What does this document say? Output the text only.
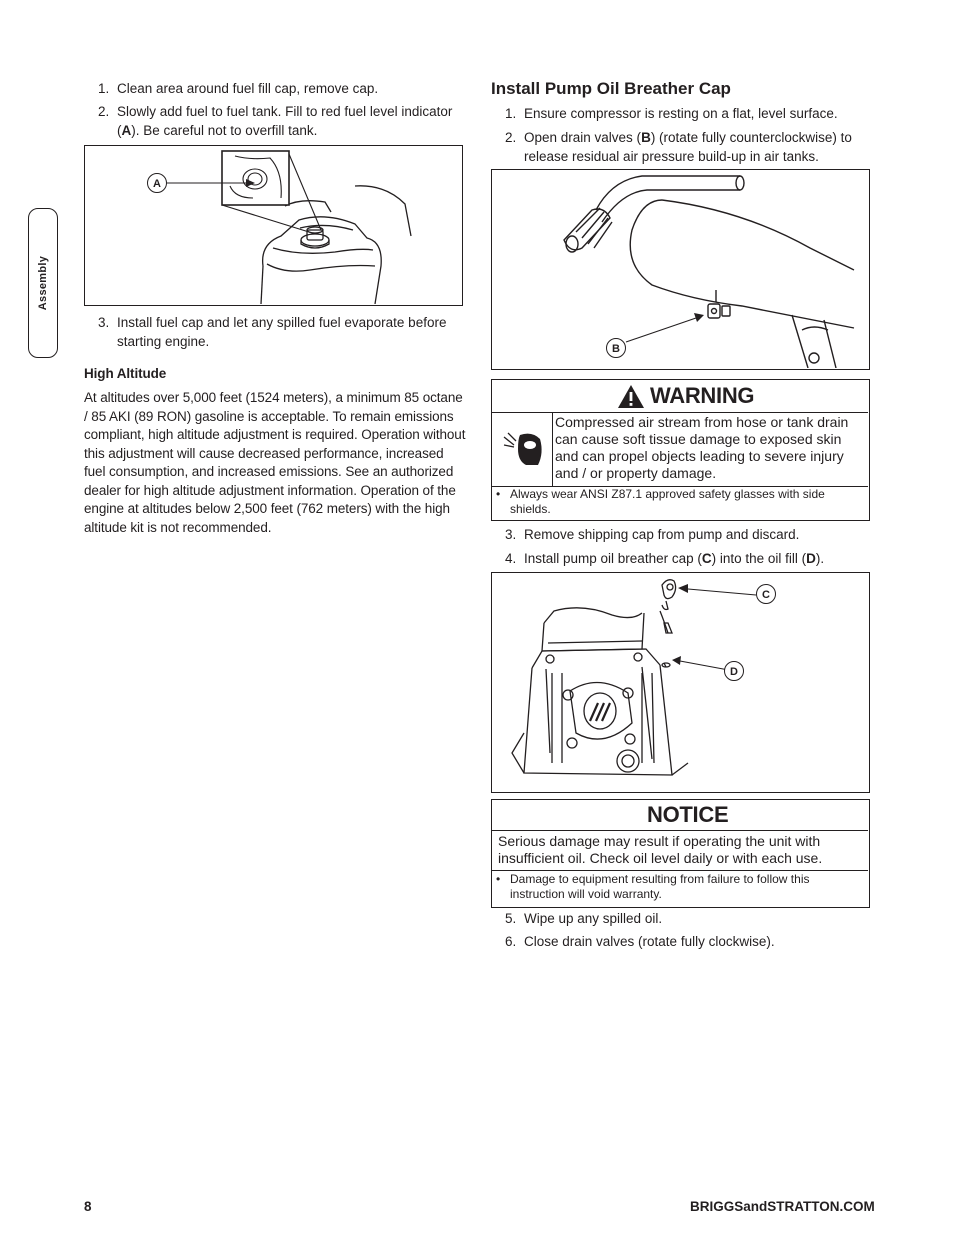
Assembly
1. Clean area around fuel fill cap, remove cap.
2. Slowly add fuel to fuel tank. Fill to red fuel level indicator (A). Be careful not to overfill tank.
A
3. Install fuel cap and let any spilled fuel evaporate before starting engine.
High Altitude
At altitudes over 5,000 feet (1524 meters), a minimum 85 octane / 85 AKI (89 RON) gasoline is acceptable. To remain emissions compliant, high altitude adjustment is required. Operation without this adjustment will cause decreased performance, increased fuel consumption, and increased emissions. See an authorized dealer for high altitude adjustment information. Operation of the engine at altitudes below 2,500 feet (762 meters) with the high altitude kit is not recommended.
Install Pump Oil Breather Cap
1. Ensure compressor is resting on a flat, level surface.
2. Open drain valves (B) (rotate fully counterclockwise) to release residual air pressure build-up in air tanks.
B
WARNING
Compressed air stream from hose or tank drain can cause soft tissue damage to exposed skin and can propel objects leading to severe injury and / or property damage.
• Always wear ANSI Z87.1 approved safety glasses with side shields.
3. Remove shipping cap from pump and discard.
4. Install pump oil breather cap (C) into the oil fill (D).
C
D
NOTICE
Serious damage may result if operating the unit with insufficient oil. Check oil level daily or with each use.
• Damage to equipment resulting from failure to follow this instruction will void warranty.
5. Wipe up any spilled oil.
6. Close drain valves (rotate fully clockwise).
8	BRIGGSandSTRATTON.COM
